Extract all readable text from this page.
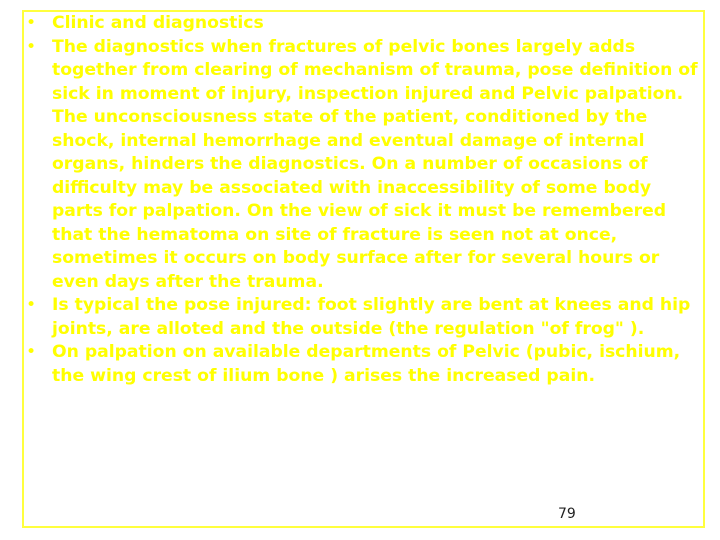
• Clinic and diagnostics
• The diagnostics when fractures of pelvic bones largely adds together from clearing of mechanism of trauma, pose definition of sick in moment of injury, inspection injured and Pelvic palpation. The unconsciousness state of the patient, conditioned by the shock, internal hemorrhage and eventual damage of internal organs, hinders the diagnostics. On a number of occasions of difficulty may be associated with inaccessibility of some body parts for palpation. On the view of sick it must be remembered that the hematoma on site of fracture is seen not at once, sometimes it occurs on body surface after for several hours or even days after the trauma.
• Is typical the pose injured: foot slightly are bent at knees and hip joints, are alloted and the outside (the regulation "of frog" ).
• On palpation on available departments of Pelvic (pubic, ischium, the wing crest of ilium bone ) arises the increased pain.
79
